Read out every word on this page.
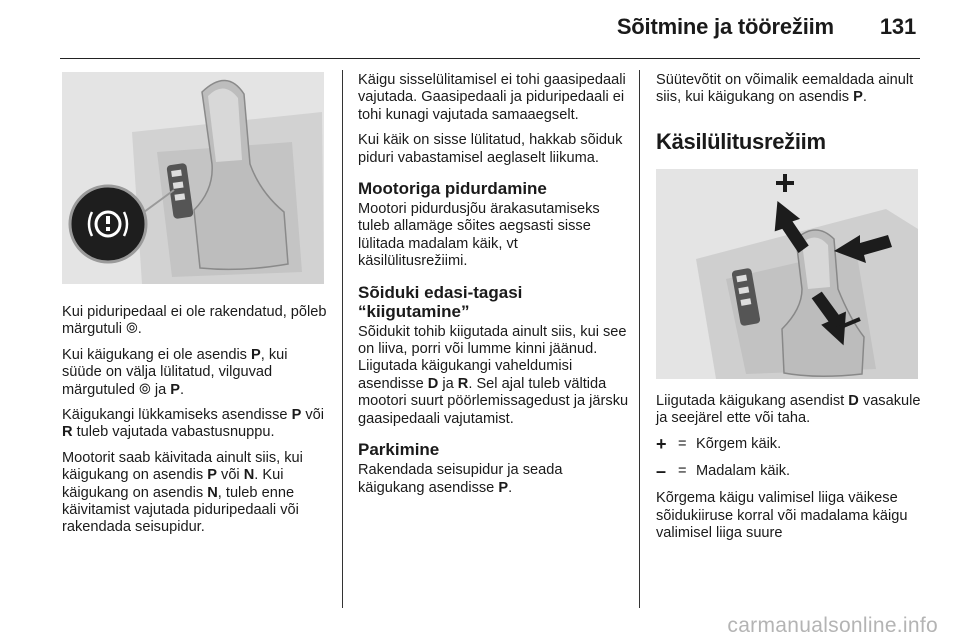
Sõitmine ja töörežiim 131

Kui piduripedaal ei ole rakendatud, põleb märgutuli ⦾.

Kui käigukang ei ole asendis P, kui süüde on välja lülitatud, vilguvad märgutuled ⦾ ja P.

Käigukangi lükkamiseks asendisse P või R tuleb vajutada vabastusnuppu.

Mootorit saab käivitada ainult siis, kui käigukang on asendis P või N. Kui käigukang on asendis N, tuleb enne käivitamist vajutada piduripedaali või rakendada seisupidur.

Käigu sisselülitamisel ei tohi gaasipedaali vajutada. Gaasipedaali ja piduripedaali ei tohi kunagi vajutada samaaegselt.

Kui käik on sisse lülitatud, hakkab sõiduk piduri vabastamisel aeglaselt liikuma.

Mootoriga pidurdamine

Mootori pidurdusjõu ärakasutamiseks tuleb allamäge sõites aegsasti sisse lülitada madalam käik, vt käsilülitusrežiimi.

Sõiduki edasi-tagasi
“kiigutamine”

Sõidukit tohib kiigutada ainult siis, kui see on liiva, porri või lumme kinni jäänud. Liigutada käigukangi vaheldumisi asendisse D ja R. Sel ajal tuleb vältida mootori suurt pöörlemissagedust ja järsku gaasipedaali vajutamist.

Parkimine

Rakendada seisupidur ja seada käigukang asendisse P.

Süütevõtit on võimalik eemaldada ainult siis, kui käigukang on asendis P.

Käsilülitusrežiim

Liigutada käigukang asendist D vasakule ja seejärel ette või taha.

+ = Kõrgem käik.
– = Madalam käik.

Kõrgema käigu valimisel liiga väikese sõidukiiruse korral või madalama käigu valimisel liiga suure

carmanualsonline.info
